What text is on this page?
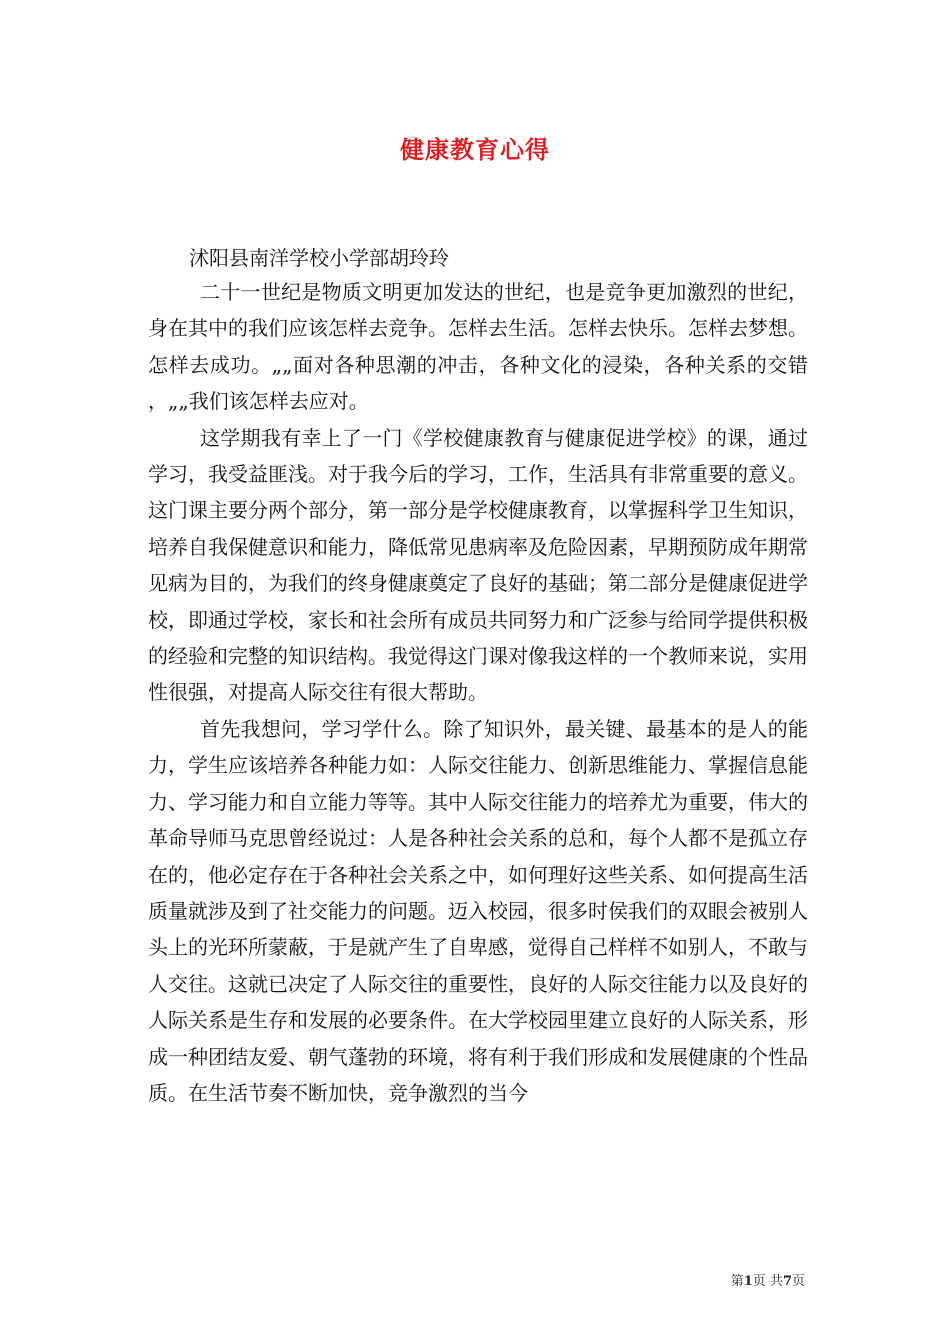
健康教育心得
沭阳县南洋学校小学部胡玲玲

二十一世纪是物质文明更加发达的世纪，也是竞争更加激烈的世纪，身在其中的我们应该怎样去竞争。怎样去生活。怎样去快乐。怎样去梦想。怎样去成功。„„面对各种思潮的冲击，各种文化的浸染，各种关系的交错，„„我们该怎样去应对。

这学期我有幸上了一门《学校健康教育与健康促进学校》的课，通过学习，我受益匪浅。对于我今后的学习，工作，生活具有非常重要的意义。这门课主要分两个部分，第一部分是学校健康教育，以掌握科学卫生知识，培养自我保健意识和能力，降低常见患病率及危险因素，早期预防成年期常见病为目的，为我们的终身健康奠定了良好的基础；第二部分是健康促进学校，即通过学校，家长和社会所有成员共同努力和广泛参与给同学提供积极的经验和完整的知识结构。我觉得这门课对像我这样的一个教师来说，实用性很强，对提高人际交往有很大帮助。

首先我想问，学习学什么。除了知识外，最关键、最基本的是人的能力，学生应该培养各种能力如：人际交往能力、创新思维能力、掌握信息能力、学习能力和自立能力等等。其中人际交往能力的培养尤为重要，伟大的革命导师马克思曾经说过：人是各种社会关系的总和，每个人都不是孤立存在的，他必定存在于各种社会关系之中，如何理好这些关系、如何提高生活质量就涉及到了社交能力的问题。迈入校园，很多时侯我们的双眼会被别人头上的光环所蒙蔽，于是就产生了自卑感，觉得自己样样不如别人，不敢与人交往。这就已决定了人际交往的重要性，良好的人际交往能力以及良好的人际关系是生存和发展的必要条件。在大学校园里建立良好的人际关系，形成一种团结友爱、朝气蓬勃的环境，将有利于我们形成和发展健康的个性品质。在生活节奏不断加快，竞争激烈的当今

第1页 共7页
